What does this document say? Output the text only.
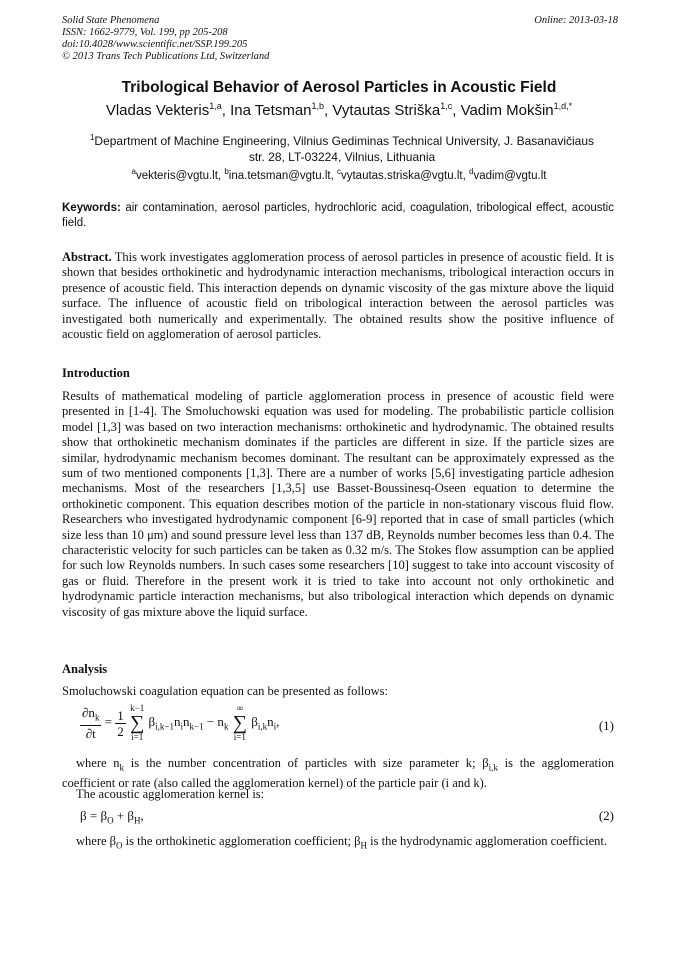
Solid State Phenomena
ISSN: 1662-9779, Vol. 199, pp 205-208
doi:10.4028/www.scientific.net/SSP.199.205
© 2013 Trans Tech Publications Ltd, Switzerland
Online: 2013-03-18
Tribological Behavior of Aerosol Particles in Acoustic Field
Vladas Vekteris$^{1,a}$, Ina Tetsman$^{1,b}$, Vytautas Striška$^{1,c}$, Vadim Mokšin$^{1,d,*}$
$^1$Department of Machine Engineering, Vilnius Gediminas Technical University, J. Basanavičiaus
str. 28, LT-03224, Vilnius, Lithuania
$^a$vekteris@vgtu.lt, $^b$ina.tetsman@vgtu.lt, $^c$vytautas.striska@vgtu.lt, $^d$vadim@vgtu.lt
Keywords: air contamination, aerosol particles, hydrochloric acid, coagulation, tribological effect, acoustic field.
Abstract. This work investigates agglomeration process of aerosol particles in presence of acoustic field. It is shown that besides orthokinetic and hydrodynamic interaction mechanisms, tribological interaction occurs in presence of acoustic field. This interaction depends on dynamic viscosity of the gas mixture above the liquid surface. The influence of acoustic field on tribological interaction between the aerosol particles was investigated both numerically and experimentally. The obtained results show the positive influence of acoustic field on agglomeration of aerosol particles.
Introduction
Results of mathematical modeling of particle agglomeration process in presence of acoustic field were presented in [1-4]. The Smoluchowski equation was used for modeling. The probabilistic particle collision model [1,3] was based on two interaction mechanisms: orthokinetic and hydrodynamic. The obtained results show that orthokinetic mechanism dominates if the particles are different in size. If the particle sizes are similar, hydrodynamic mechanism becomes dominant. The resultant can be approximately expressed as the sum of two mentioned components [1,3]. There are a number of works [5,6] investigating particle adhesion mechanisms. Most of the researchers [1,3,5] use Basset-Boussinesq-Oseen equation to determine the orthokinetic component. This equation describes motion of the particle in non-stationary viscous fluid flow. Researchers who investigated hydrodynamic component [6-9] reported that in case of small particles (which size less than 10 μm) and sound pressure level less than 137 dB, Reynolds number becomes less than 0.4. The characteristic velocity for such particles can be taken as 0.32 m/s. The Stokes flow assumption can be applied for such low Reynolds numbers. In such cases some researchers [10] suggest to take into account viscosity of gas or fluid. Therefore in the present work it is tried to take into account not only orthokinetic and hydrodynamic particle interaction mechanisms, but also tribological interaction which depends on dynamic viscosity of gas mixture above the liquid surface.
Analysis
Smoluchowski coagulation equation can be presented as follows:
$\frac{\partial n_k}{\partial t} = \frac{1}{2} k-1$
∑
i=1 $\beta_{i,k-1}n_in_{k-1} - n_k$ ∞
∑
i=1 $\beta_{i,k}n_i$,	(1)
where $n_k$ is the number concentration of particles with size parameter k; $\beta_{i,k}$ is the agglomeration coefficient or rate (also called the agglomeration kernel) of the particle pair (i and k).
The acoustic agglomeration kernel is:
$\beta = \beta_O + \beta_H$,	(2)
where $\beta_O$ is the orthokinetic agglomeration coefficient; $\beta_H$ is the hydrodynamic agglomeration coefficient.
